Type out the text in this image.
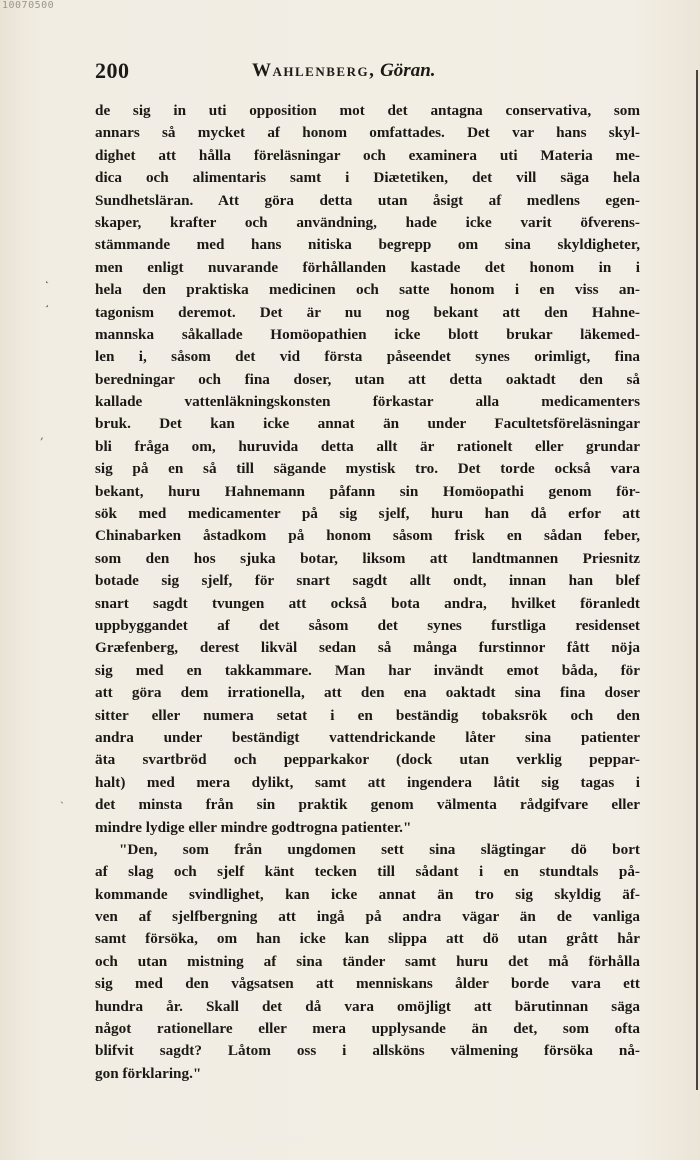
10070500
200	Wahlenberg, Göran.
de sig in uti opposition mot det antagna conservativa, som
annars så mycket af honom omfattades. Det var hans skyl-
dighet att hålla föreläsningar och examinera uti Materia me-
dica och alimentaris samt i Diætetiken, det vill säga hela
Sundhetsläran. Att göra detta utan åsigt af medlens egen-
skaper, krafter och användning, hade icke varit öfverens-
stämmande med hans nitiska begrepp om sina skyldigheter,
men enligt nuvarande förhållanden kastade det honom in i
hela den praktiska medicinen och satte honom i en viss an-
tagonism deremot. Det är nu nog bekant att den Hahne-
mannska såkallade Homöopathien icke blott brukar läkemed-
len i, såsom det vid första påseendet synes orimligt, fina
beredningar och fina doser, utan att detta oaktadt den så
kallade vattenläkningskonsten förkastar alla medicamenters
bruk. Det kan icke annat än under Facultetsföreläsningar
bli fråga om, huruvida detta allt är rationelt eller grundar
sig på en så till sägande mystisk tro. Det torde också vara
bekant, huru Hahnemann påfann sin Homöopathi genom för-
sök med medicamenter på sig sjelf, huru han då erfor att
Chinabarken åstadkom på honom såsom frisk en sådan feber,
som den hos sjuka botar, liksom att landtmannen Priesnitz
botade sig sjelf, för snart sagdt allt ondt, innan han blef
snart sagdt tvungen att också bota andra, hvilket föranledt
uppbyggandet af det såsom det synes furstliga residenset
Græfenberg, derest likväl sedan så många furstinnor fått nöja
sig med en takkammare. Man har invändt emot båda, för
att göra dem irrationella, att den ena oaktadt sina fina doser
sitter eller numera setat i en beständig tobaksrök och den
andra under beständigt vattendrickande låter sina patienter
äta svartbröd och pepparkakor (dock utan verklig peppar-
halt) med mera dylikt, samt att ingendera låtit sig tagas i
det minsta från sin praktik genom välmenta rådgifvare eller
mindre lydige eller mindre godtrogna patienter."
"Den, som från ungdomen sett sina slägtingar dö bort
af slag och sjelf känt tecken till sådant i en stundtals på-
kommande svindlighet, kan icke annat än tro sig skyldig äf-
ven af sjelfbergning att ingå på andra vägar än de vanliga
samt försöka, om han icke kan slippa att dö utan grått hår
och utan mistning af sina tänder samt huru det må förhålla
sig med den vågsatsen att menniskans ålder borde vara ett
hundra år. Skall det då vara omöjligt att bärutinnan säga
något rationellare eller mera upplysande än det, som ofta
blifvit sagdt? Låtom oss i allsköns välmening försöka nå-
gon förklaring."
˛
¸
,
ˎ
